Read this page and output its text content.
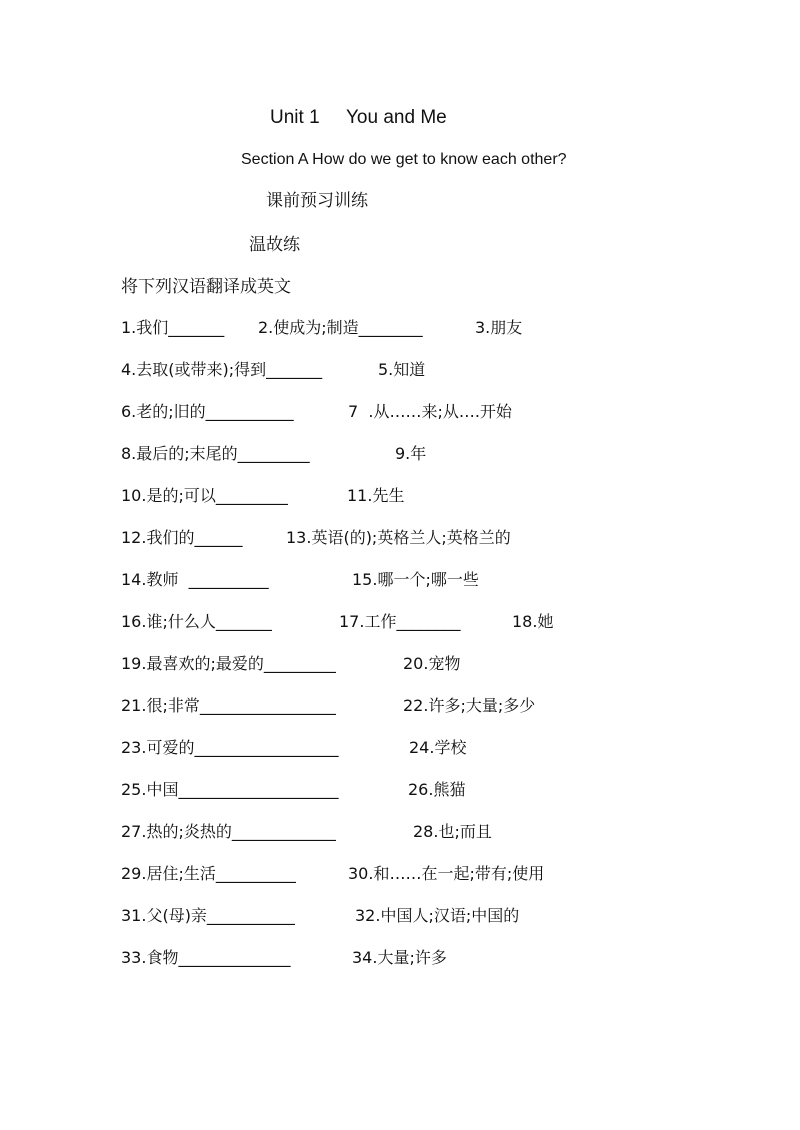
Unit 1 You and Me
Section A How do we get to know each other?
课前预习训练
温故练
将下列汉语翻译成英文
1.我们_______ 2.使成为;制造________	3.朋友
4.去取(或带来);得到_______	5.知道
6.老的;旧的___________	7  .从……来;从….开始
8.最后的;末尾的_________	9.年
10.是的;可以_________	11.先生
12.我们的______	13.英语(的);英格兰人;英格兰的
14.教师  __________	15.哪一个;哪一些
16.谁;什么人_______	17.工作________	18.她
19.最喜欢的;最爱的_________	20.宠物
21.很;非常_________________	22.许多;大量;多少
23.可爱的__________________	24.学校
25.中国____________________	26.熊猫
27.热的;炎热的_____________	28.也;而且
29.居住;生活__________	30.和……在一起;带有;使用
31.父(母)亲___________	32.中国人;汉语;中国的
33.食物______________	34.大量;许多
